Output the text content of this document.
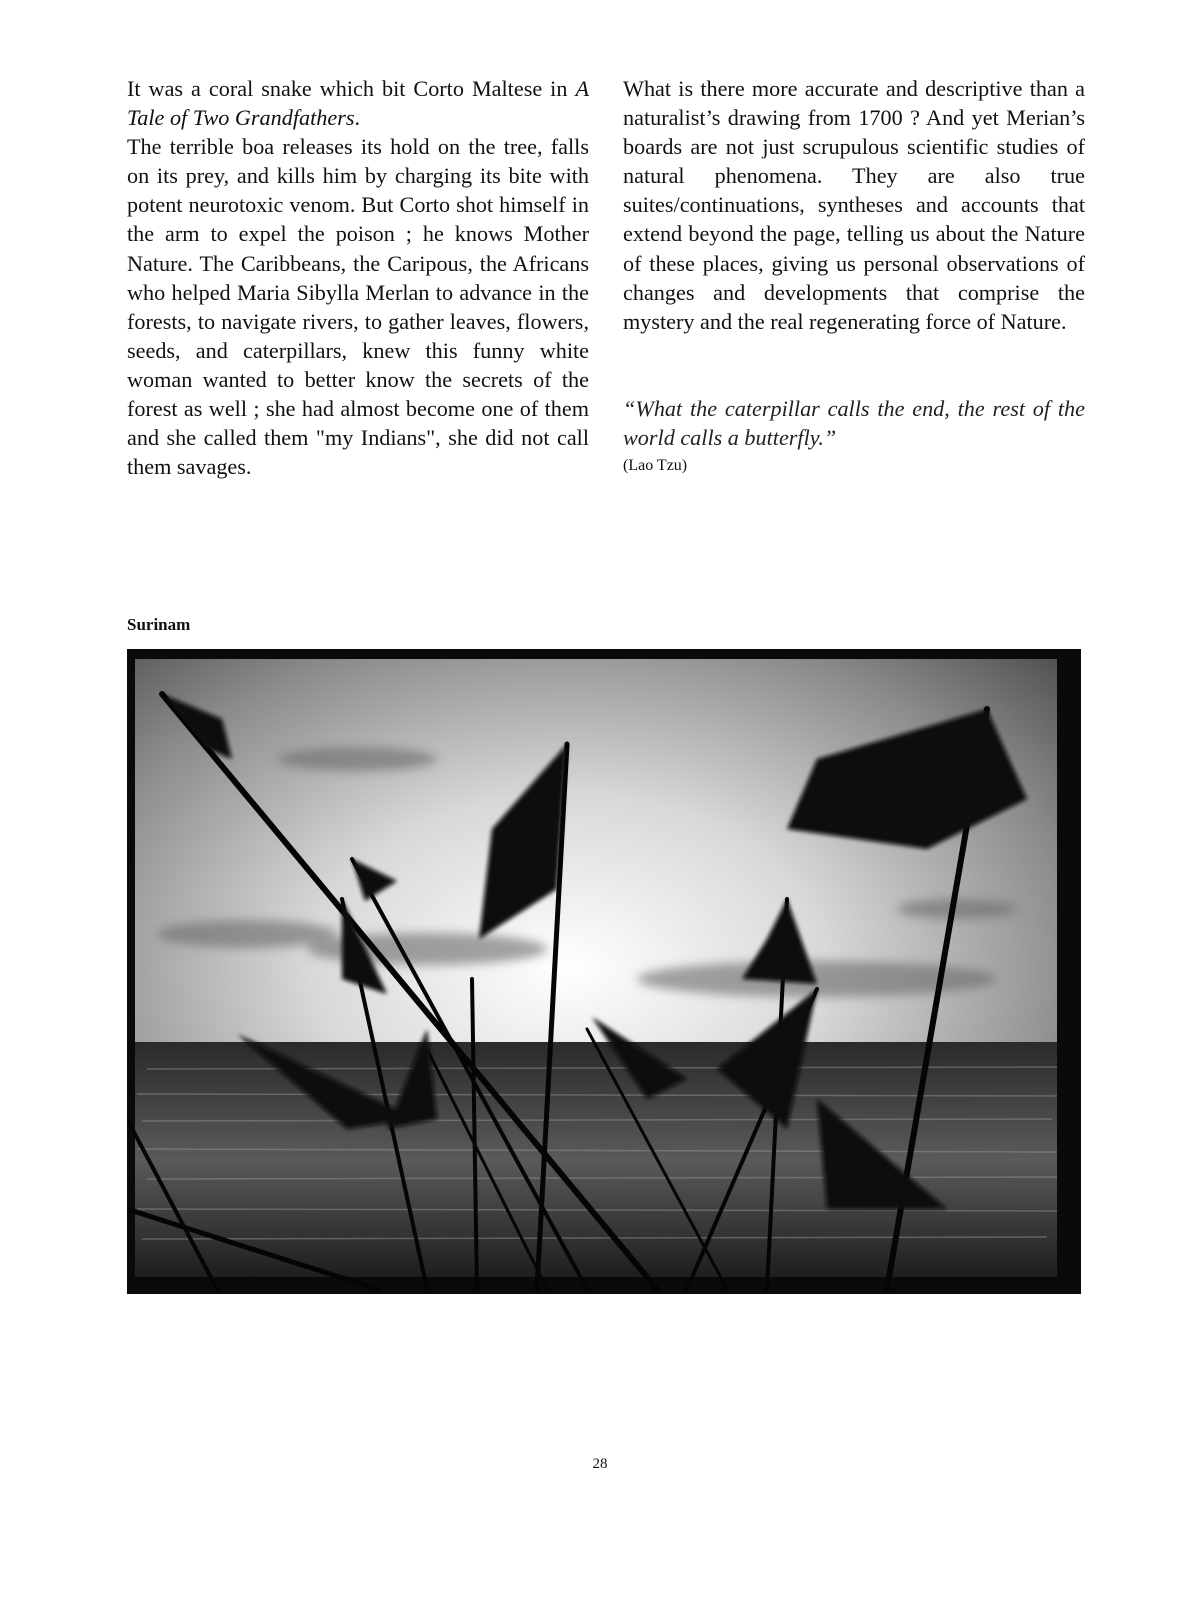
It was a coral snake which bit Corto Maltese in A Tale of Two Grandfathers.

The terrible boa releases its hold on the tree, falls on its prey, and kills him by charging its bite with potent neurotoxic venom. But Corto shot himself in the arm to expel the poison ; he knows Mother Nature. The Caribbeans, the Caripous, the Africans who helped Maria Sibylla Merlan to advance in the forests, to navigate rivers, to gather leaves, flowers, seeds, and caterpillars, knew this funny white woman wanted to better know the secrets of the forest as well ; she had almost become one of them and she called them "my Indians", she did not call them savages.

What is there more accurate and descriptive than a naturalist’s drawing from 1700 ? And yet Merian’s boards are not just scrupulous scientific studies of natural phenomena. They are also true suites/continuations, syntheses and accounts that extend beyond the page, telling us about the Nature of these places, giving us personal observations of changes and developments that comprise the mystery and the real regenerating force of Nature.

“What the caterpillar calls the end, the rest of the world calls a butterfly.”

(Lao Tzu)

Surinam
28
